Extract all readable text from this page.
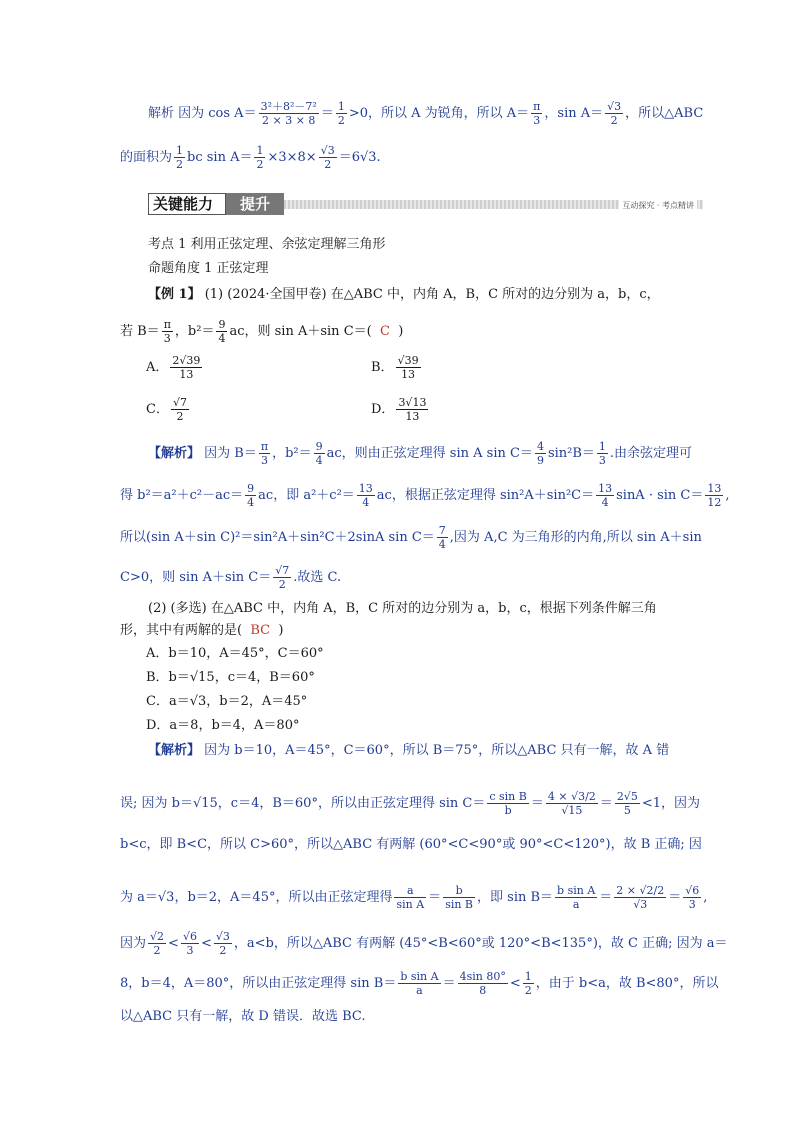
解析 因为 $\cos A= \frac{\text{3²＋8²－7²}}{2 \times 3 \times 8} = \frac{1}{2} >0$，所以 A 为锐角，所以 $A= \frac{\pi}{3}$ ，$\sin A= \frac{√3}{2}$ ，所以△ABC
的面积为 $\frac{1}{2}$ bc $\sin A= \frac{1}{2} \times 3\times 8\times \frac{√3}{2} =6√3$.
关键能力	提升	互动探究 · 考点精讲
考点 1 利用正弦定理、余弦定理解三角形
命题角度 1 正弦定理
【例 1】 (1) (2024·全国甲卷) 在△ABC 中，内角 A，B，C 所对的边分别为 a，b，c，
若 $B= \frac{\pi}{3}$ ，$b^2= \frac{9}{4}$ ac，则 sin A＋sin C＝( C )
A． $\frac{2√39}{13}$	B． $\frac{√39}{13}$
C． $\frac{√7}{2}$	D． $\frac{3√13}{13}$
【解析】 因为 $B= \frac{\pi}{3}$ ，$b^2= \frac{9}{4}$ ac，则由正弦定理得 sin A $\sin C= \frac{4}{9} \sin^2B= \frac{1}{3}$ .由余弦定理可
得 $b^2=a^2+c^2-ac= \frac{9}{4}$ ac，即 $a^2+c^2= \frac{13}{4}$ ac，根据正弦定理得 $\sin^2A+\sin^2C= \frac{13}{4}$ $\sin A \cdot \sin C= \frac{13}{12}$ ,
所以(sin A＋sin C)²＝sin²A＋sin²C＋2sinA $\sin C= \frac{7}{4}$ ,因为 A,C 为三角形的内角,所以 sin A＋sin
C>0，则 sin A＋sin $C= \frac{√7}{2}$ .故选 C.
(2) (多选) 在△ABC 中，内角 A，B，C 所对的边分别为 a，b，c，根据下列条件解三角
形，其中有两解的是( BC )
A．b＝10，A＝45°，C＝60°
B．b＝√15，c＝4，B＝60°
C．a＝√3，b＝2，A＝45°
D．a＝8，b＝4，A＝80°
【解析】 因为 b＝10，A＝45°，C＝60°，所以 B＝75°，所以△ABC 只有一解，故 A 错
误; 因为 b＝√15，c＝4，B＝60°，所以由正弦定理得 $\sin C= \frac{\text{c sin B}}{b} = \frac{4 \times √3/2}{√15} = \frac{2√5}{5} <1$，因为
b<c，即 B<C，所以 C>60°，所以△ABC 有两解 (60°<C<90°或 90°<C<120°)，故 B 正确; 因
为 a＝√3，b＝2，A＝45°，所以由正弦定理得 $\frac{a}{\text{sin A}} = \frac{b}{\text{sin B}}$ ，即 $\sin B= \frac{\text{b sin A}}{a} = \frac{2 \times √2/2}{√3} = \frac{√6}{3}$ ,
因为 $\frac{√2}{2} < \frac{√6}{3} < \frac{√3}{2}$ ，a<b，所以△ABC 有两解 (45°<B<60°或 120°<B<135°)，故 C 正确; 因为 a＝
8，b＝4，A＝80°，所以由正弦定理得 $\sin B= \frac{\text{b sin A}}{a} = \frac{4\sin 80^\circ}{8} < \frac{1}{2}$ ，由于 b<a，故 B<80°，所以
以△ABC 只有一解，故 D 错误．故选 BC.
